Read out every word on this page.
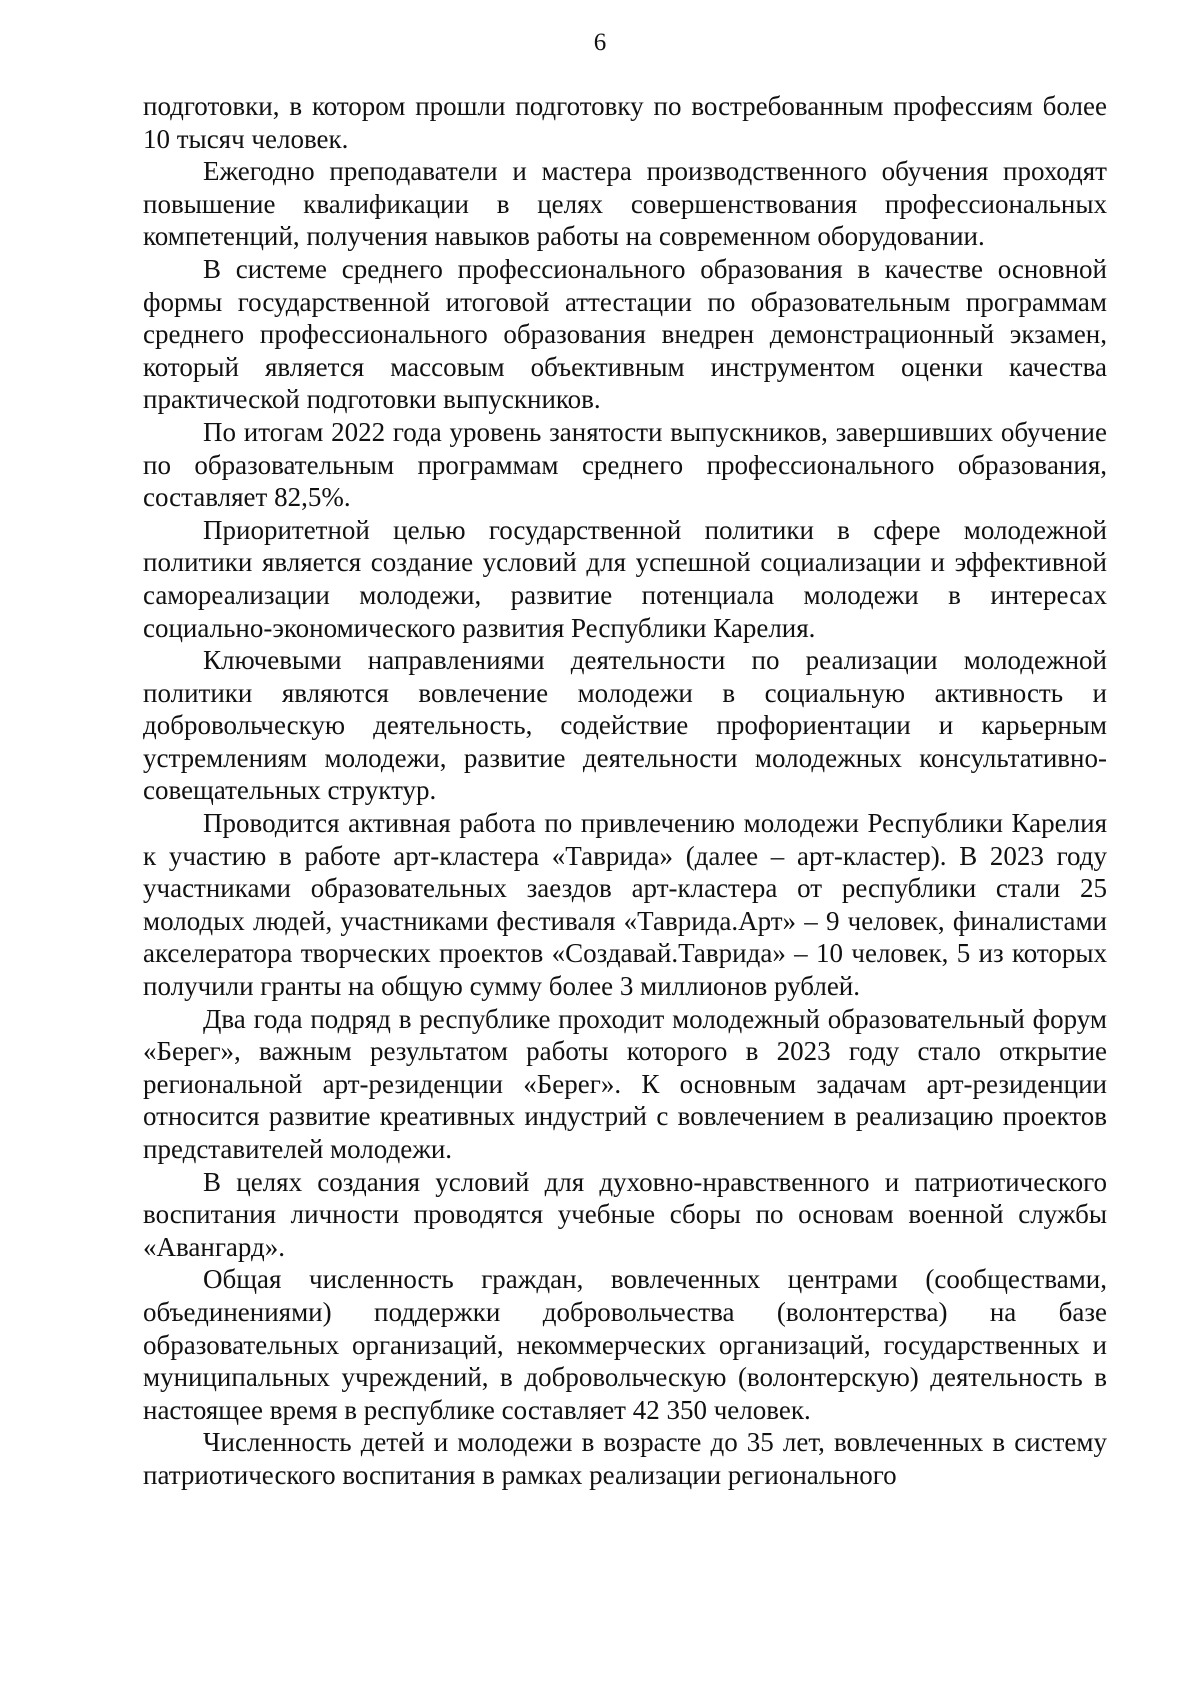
6

подготовки, в котором прошли подготовку по востребованным профессиям более 10 тысяч человек.

Ежегодно преподаватели и мастера производственного обучения проходят повышение квалификации в целях совершенствования профессиональных компетенций, получения навыков работы на современном оборудовании.

В системе среднего профессионального образования в качестве основной формы государственной итоговой аттестации по образовательным программам среднего профессионального образования внедрен демонстрационный экзамен, который является массовым объективным инструментом оценки качества практической подготовки выпускников.

По итогам 2022 года уровень занятости выпускников, завершивших обучение по образовательным программам среднего профессионального образования, составляет 82,5%.

Приоритетной целью государственной политики в сфере молодежной политики является создание условий для успешной социализации и эффективной самореализации молодежи, развитие потенциала молодежи в интересах социально-экономического развития Республики Карелия.

Ключевыми направлениями деятельности по реализации молодежной политики являются вовлечение молодежи в социальную активность и добровольческую деятельность, содействие профориентации и карьерным устремлениям молодежи, развитие деятельности молодежных консультативно-совещательных структур.

Проводится активная работа по привлечению молодежи Республики Карелия к участию в работе арт-кластера «Таврида» (далее – арт-кластер). В 2023 году участниками образовательных заездов арт-кластера от республики стали 25 молодых людей, участниками фестиваля «Таврида.Арт» – 9 человек, финалистами акселератора творческих проектов «Создавай.Таврида» – 10 человек, 5 из которых получили гранты на общую сумму более 3 миллионов рублей.

Два года подряд в республике проходит молодежный образовательный форум «Берег», важным результатом работы которого в 2023 году стало открытие региональной арт-резиденции «Берег». К основным задачам арт-резиденции относится развитие креативных индустрий с вовлечением в реализацию проектов представителей молодежи.

В целях создания условий для духовно-нравственного и патриотического воспитания личности проводятся учебные сборы по основам военной службы «Авангард».

Общая численность граждан, вовлеченных центрами (сообществами, объединениями) поддержки добровольчества (волонтерства) на базе образовательных организаций, некоммерческих организаций, государственных и муниципальных учреждений, в добровольческую (волонтерскую) деятельность в настоящее время в республике составляет 42 350 человек.

Численность детей и молодежи в возрасте до 35 лет, вовлеченных в систему патриотического воспитания в рамках реализации регионального
